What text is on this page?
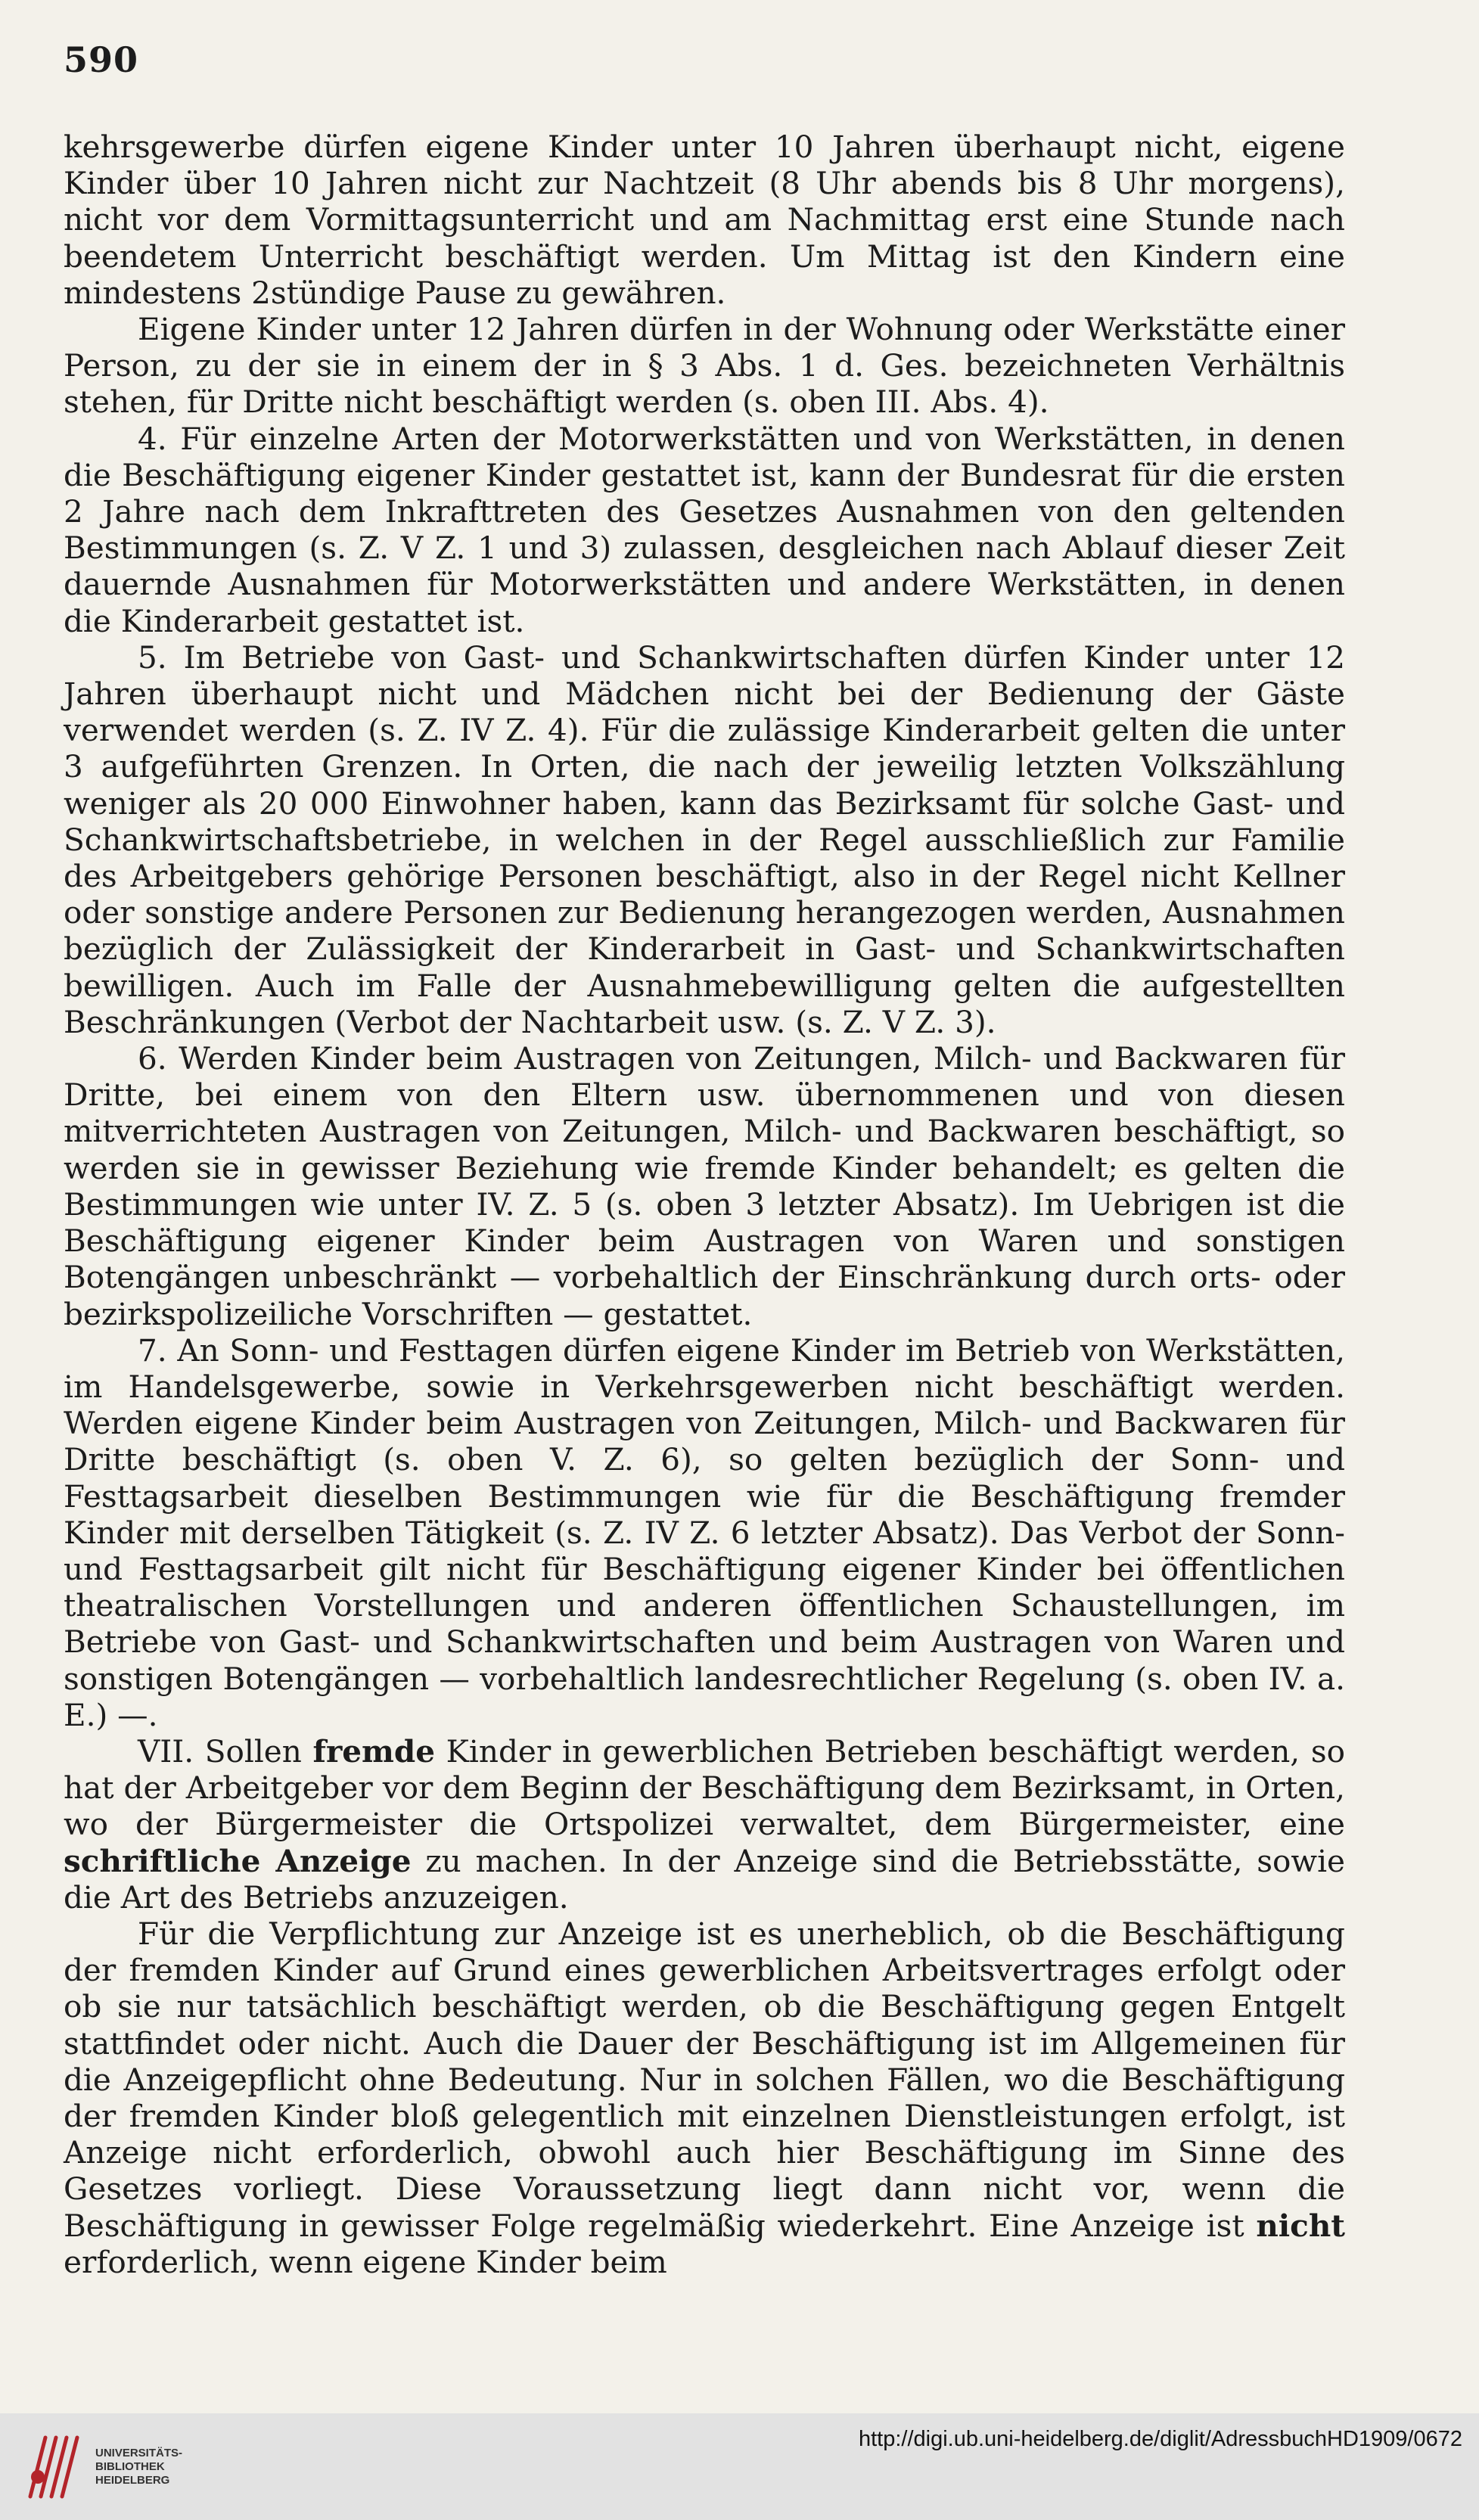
590

kehrsgewerbe dürfen eigene Kinder unter 10 Jahren überhaupt nicht, eigene Kinder über 10 Jahren nicht zur Nachtzeit (8 Uhr abends bis 8 Uhr morgens), nicht vor dem Vormittagsunterricht und am Nachmittag erst eine Stunde nach beendetem Unterricht beschäftigt werden. Um Mittag ist den Kindern eine mindestens 2stündige Pause zu gewähren.

Eigene Kinder unter 12 Jahren dürfen in der Wohnung oder Werkstätte einer Person, zu der sie in einem der in § 3 Abs. 1 d. Ges. bezeichneten Verhältnis stehen, für Dritte nicht beschäftigt werden (s. oben III. Abs. 4).

4. Für einzelne Arten der Motorwerkstätten und von Werkstätten, in denen die Beschäftigung eigener Kinder gestattet ist, kann der Bundesrat für die ersten 2 Jahre nach dem Inkrafttreten des Gesetzes Ausnahmen von den geltenden Bestimmungen (s. Z. V Z. 1 und 3) zulassen, desgleichen nach Ablauf dieser Zeit dauernde Ausnahmen für Motorwerkstätten und andere Werkstätten, in denen die Kinderarbeit gestattet ist.

5. Im Betriebe von Gast- und Schankwirtschaften dürfen Kinder unter 12 Jahren überhaupt nicht und Mädchen nicht bei der Bedienung der Gäste verwendet werden (s. Z. IV Z. 4). Für die zulässige Kinderarbeit gelten die unter 3 aufgeführten Grenzen. In Orten, die nach der jeweilig letzten Volkszählung weniger als 20 000 Einwohner haben, kann das Bezirksamt für solche Gast- und Schankwirtschaftsbetriebe, in welchen in der Regel ausschließlich zur Familie des Arbeitgebers gehörige Personen beschäftigt, also in der Regel nicht Kellner oder sonstige andere Personen zur Bedienung herangezogen werden, Ausnahmen bezüglich der Zulässigkeit der Kinderarbeit in Gast- und Schankwirtschaften bewilligen. Auch im Falle der Ausnahmebewilligung gelten die aufgestellten Beschränkungen (Verbot der Nachtarbeit usw. (s. Z. V Z. 3).

6. Werden Kinder beim Austragen von Zeitungen, Milch- und Backwaren für Dritte, bei einem von den Eltern usw. übernommenen und von diesen mitverrichteten Austragen von Zeitungen, Milch- und Backwaren beschäftigt, so werden sie in gewisser Beziehung wie fremde Kinder behandelt; es gelten die Bestimmungen wie unter IV. Z. 5 (s. oben 3 letzter Absatz). Im Uebrigen ist die Beschäftigung eigener Kinder beim Austragen von Waren und sonstigen Botengängen unbeschränkt — vorbehaltlich der Einschränkung durch orts- oder bezirkspolizeiliche Vorschriften — gestattet.

7. An Sonn- und Festtagen dürfen eigene Kinder im Betrieb von Werkstätten, im Handelsgewerbe, sowie in Verkehrsgewerben nicht beschäftigt werden. Werden eigene Kinder beim Austragen von Zeitungen, Milch- und Backwaren für Dritte beschäftigt (s. oben V. Z. 6), so gelten bezüglich der Sonn- und Festtagsarbeit dieselben Bestimmungen wie für die Beschäftigung fremder Kinder mit derselben Tätigkeit (s. Z. IV Z. 6 letzter Absatz). Das Verbot der Sonn- und Festtagsarbeit gilt nicht für Beschäftigung eigener Kinder bei öffentlichen theatralischen Vorstellungen und anderen öffentlichen Schaustellungen, im Betriebe von Gast- und Schankwirtschaften und beim Austragen von Waren und sonstigen Botengängen — vorbehaltlich landesrechtlicher Regelung (s. oben IV. a. E.) —.

VII. Sollen fremde Kinder in gewerblichen Betrieben beschäftigt werden, so hat der Arbeitgeber vor dem Beginn der Beschäftigung dem Bezirksamt, in Orten, wo der Bürgermeister die Ortspolizei verwaltet, dem Bürgermeister, eine schriftliche Anzeige zu machen. In der Anzeige sind die Betriebsstätte, sowie die Art des Betriebs anzuzeigen.

Für die Verpflichtung zur Anzeige ist es unerheblich, ob die Beschäftigung der fremden Kinder auf Grund eines gewerblichen Arbeitsvertrages erfolgt oder ob sie nur tatsächlich beschäftigt werden, ob die Beschäftigung gegen Entgelt stattfindet oder nicht. Auch die Dauer der Beschäftigung ist im Allgemeinen für die Anzeigepflicht ohne Bedeutung. Nur in solchen Fällen, wo die Beschäftigung der fremden Kinder bloß gelegentlich mit einzelnen Dienstleistungen erfolgt, ist Anzeige nicht erforderlich, obwohl auch hier Beschäftigung im Sinne des Gesetzes vorliegt. Diese Voraussetzung liegt dann nicht vor, wenn die Beschäftigung in gewisser Folge regelmäßig wiederkehrt. Eine Anzeige ist nicht erforderlich, wenn eigene Kinder beim

UNIVERSITÄTS-
BIBLIOTHEK
HEIDELBERG
http://digi.ub.uni-heidelberg.de/diglit/AdressbuchHD1909/0672
